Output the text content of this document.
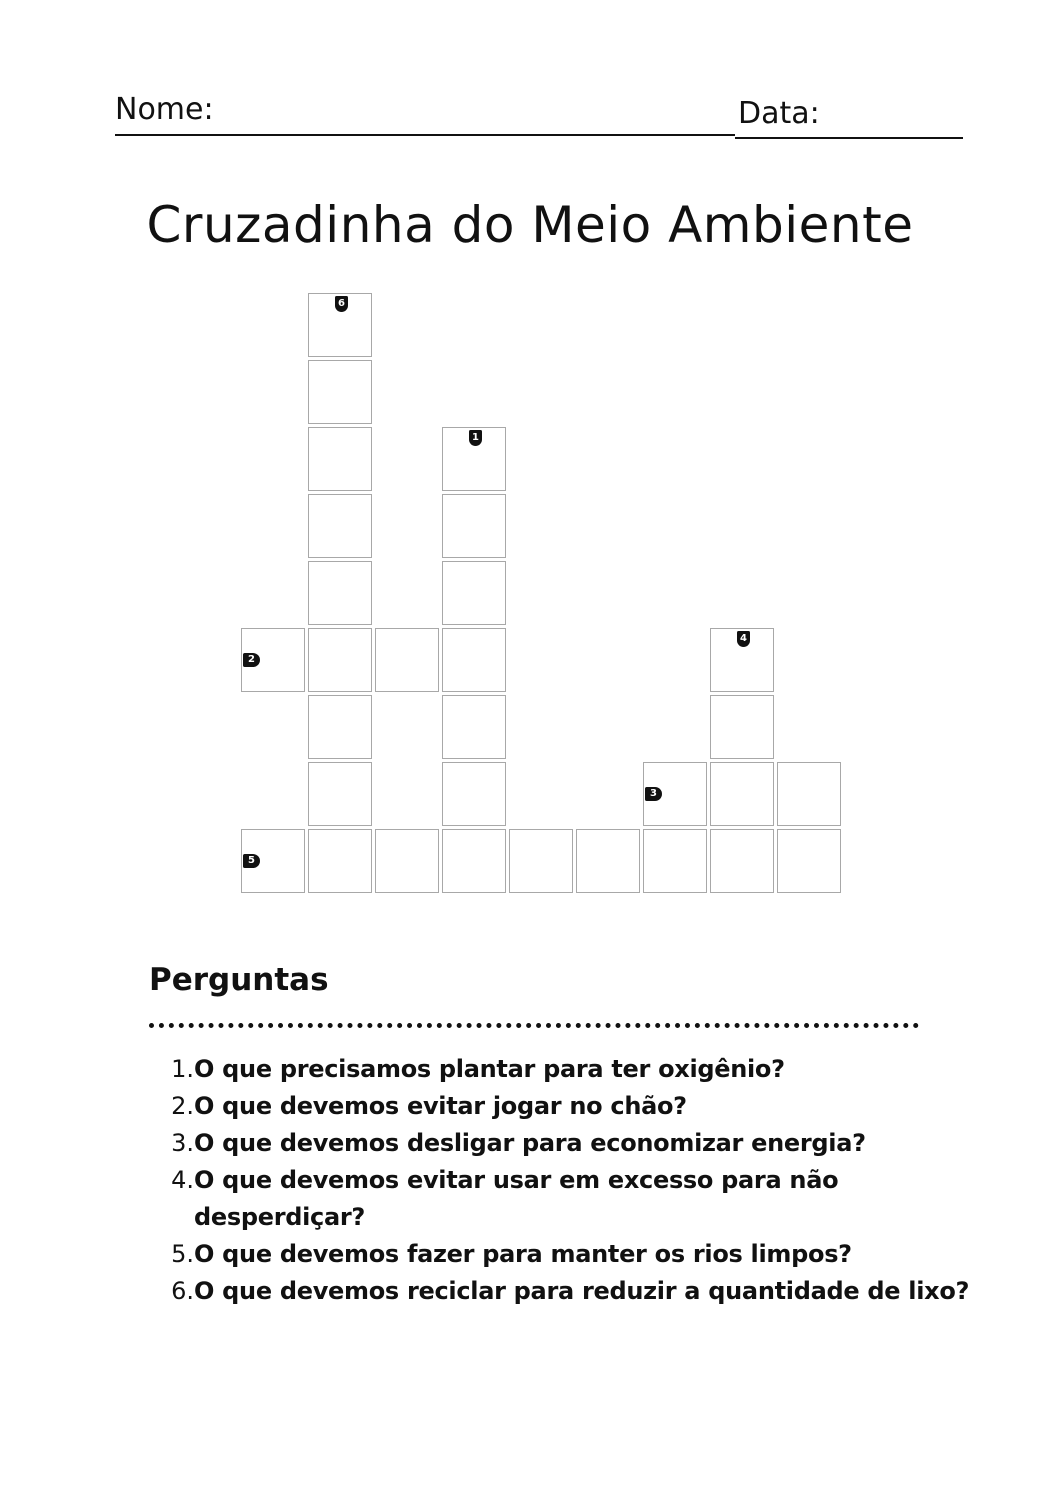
Nome:	Data:
Cruzadinha do Meio Ambiente
6
1
2
4
3
5
Perguntas
1. O que precisamos plantar para ter oxigênio?
2. O que devemos evitar jogar no chão?
3. O que devemos desligar para economizar energia?
4. O que devemos evitar usar em excesso para não desperdiçar?
5. O que devemos fazer para manter os rios limpos?
6. O que devemos reciclar para reduzir a quantidade de lixo?
